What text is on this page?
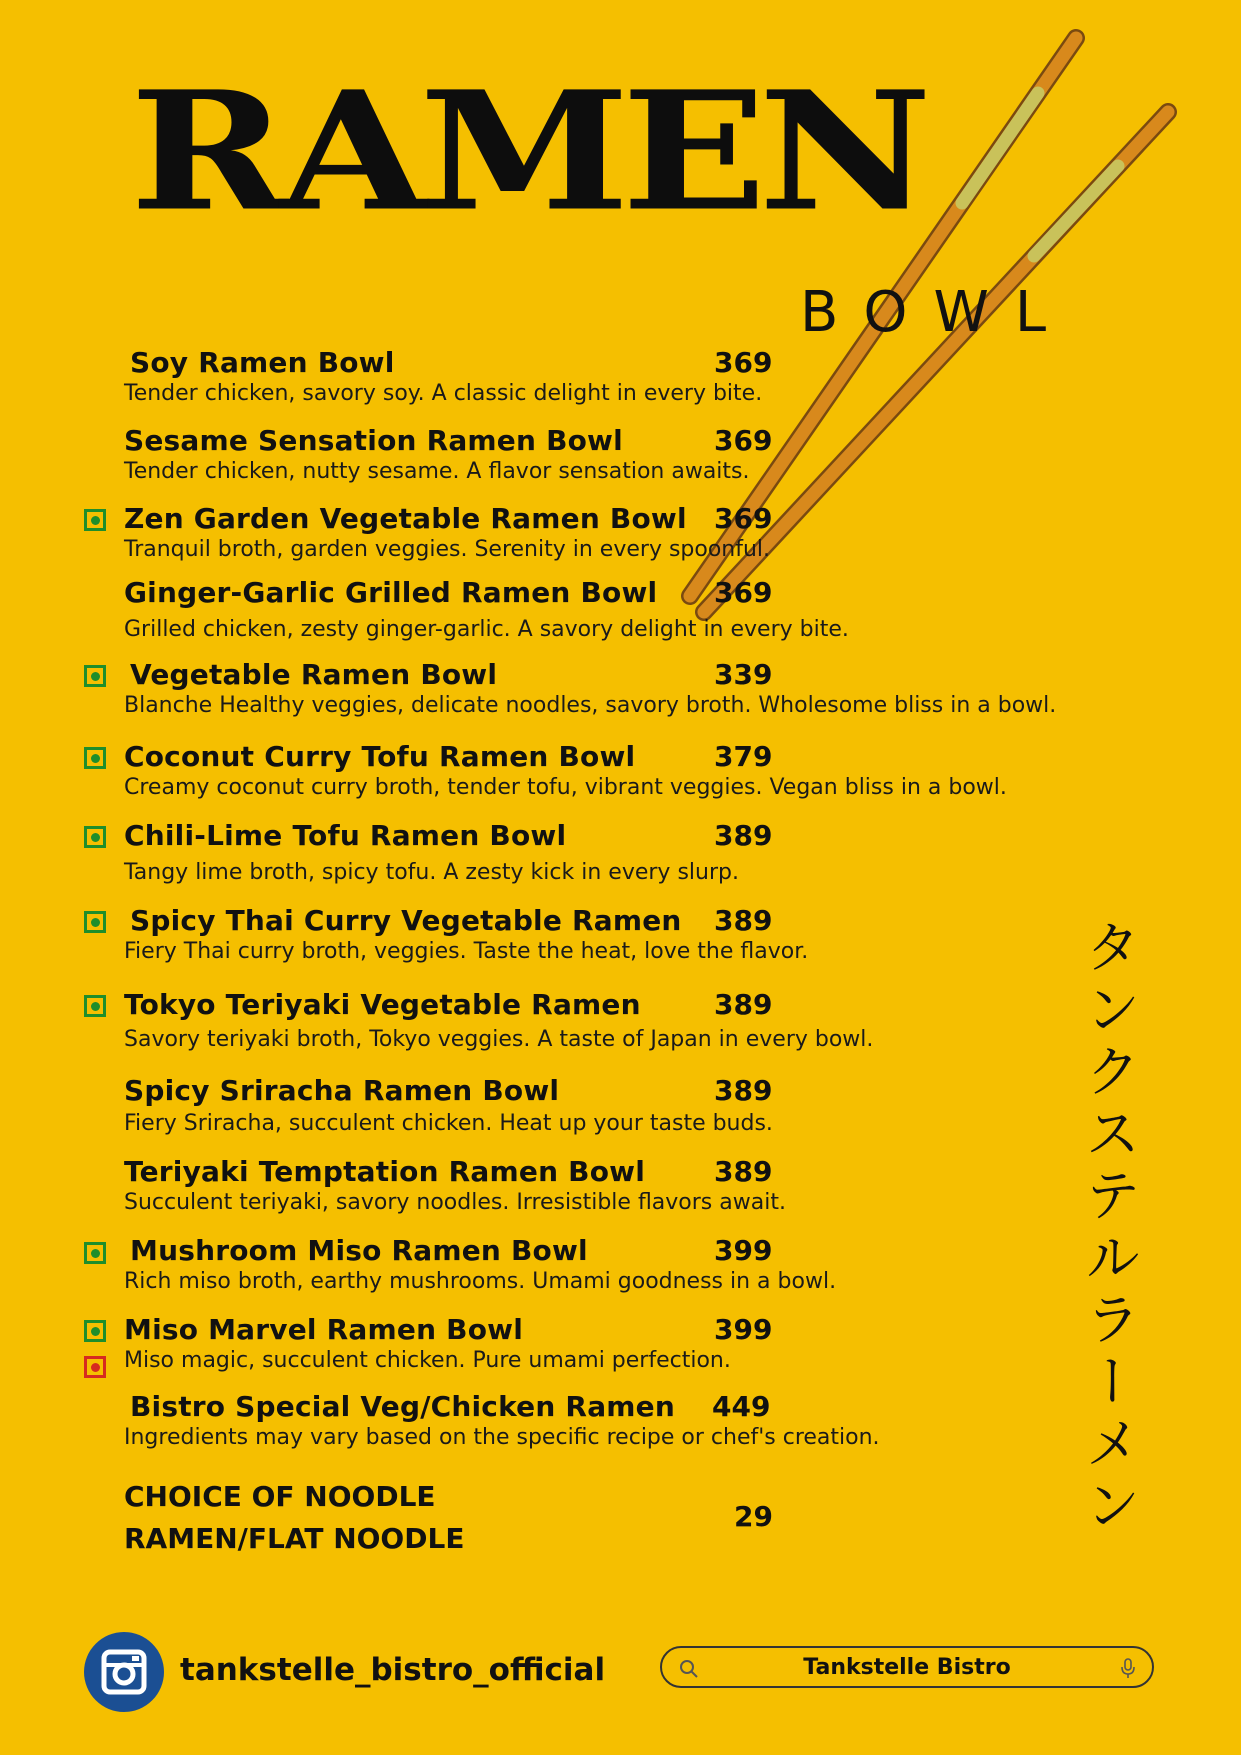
RAMEN
BOWL
Soy Ramen Bowl	369
Tender chicken, savory soy. A classic delight in every bite.
Sesame Sensation Ramen Bowl	369
Tender chicken, nutty sesame. A flavor sensation awaits.
Zen Garden Vegetable Ramen Bowl 369
Tranquil broth, garden veggies. Serenity in every spoonful.
Ginger-Garlic Grilled Ramen Bowl 369
Grilled chicken, zesty ginger-garlic. A savory delight in every bite.
Vegetable Ramen Bowl	339
Blanche Healthy veggies, delicate noodles, savory broth. Wholesome bliss in a bowl.
Coconut Curry Tofu Ramen Bowl	379
Creamy coconut curry broth, tender tofu, vibrant veggies. Vegan bliss in a bowl.
Chili-Lime Tofu Ramen Bowl	389
Tangy lime broth, spicy tofu. A zesty kick in every slurp.
Spicy Thai Curry Vegetable Ramen 389
Fiery Thai curry broth, veggies. Taste the heat, love the flavor.
Tokyo Teriyaki Vegetable Ramen	389
Savory teriyaki broth, Tokyo veggies. A taste of Japan in every bowl.
Spicy Sriracha Ramen Bowl	389
Fiery Sriracha, succulent chicken. Heat up your taste buds.
Teriyaki Temptation Ramen Bowl 389
Succulent teriyaki, savory noodles. Irresistible flavors await.
Mushroom Miso Ramen Bowl	399
Rich miso broth, earthy mushrooms. Umami goodness in a bowl.
Miso Marvel Ramen Bowl	399
Miso magic, succulent chicken. Pure umami perfection.
Bistro Special Veg/Chicken Ramen 449
Ingredients may vary based on the specific recipe or chef's creation.
CHOICE OF NOODLE
RAMEN/FLAT NOODLE
29	タンクステルラーメン
tankstelle_bistro_official	Tankstelle Bistro
